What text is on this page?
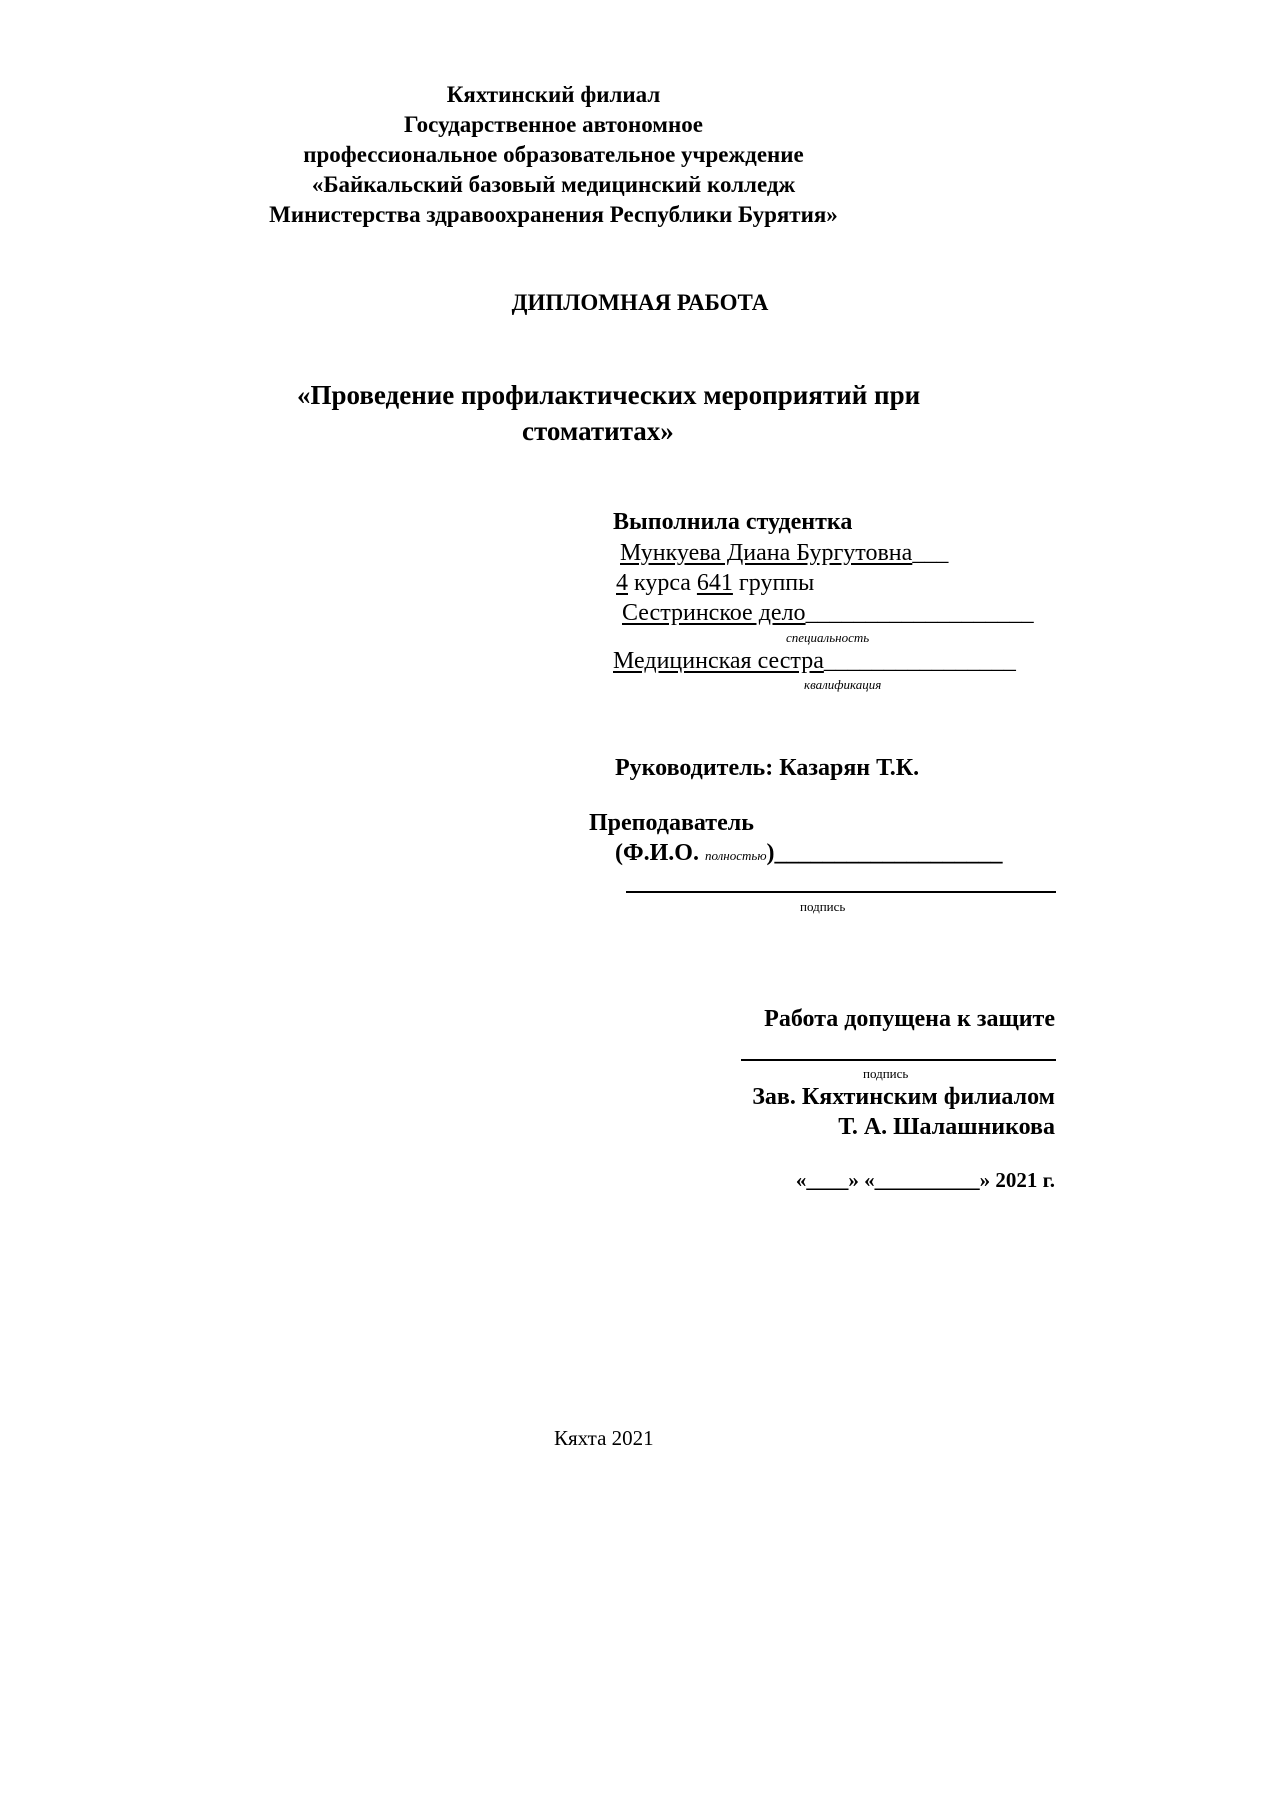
Кяхтинский филиал
Государственное автономное
профессиональное образовательное учреждение
«Байкальский базовый медицинский колледж
Министерства здравоохранения Республики Бурятия»
ДИПЛОМНАЯ РАБОТА
«Проведение профилактических мероприятий при
стоматитах»
Выполнила студентка
Мункуева Диана Бургутовна___
4 курса 641 группы
Сестринское дело___________________
специальность
Медицинская сестра________________
квалификация
Руководитель: Казарян Т.К.
Преподаватель
(Ф.И.О. полностью)___________________
подпись
Работа допущена к защите
подпись
Зав. Кяхтинским филиалом
Т. А. Шалашникова
«____» «__________» 2021 г.
Кяхта 2021
